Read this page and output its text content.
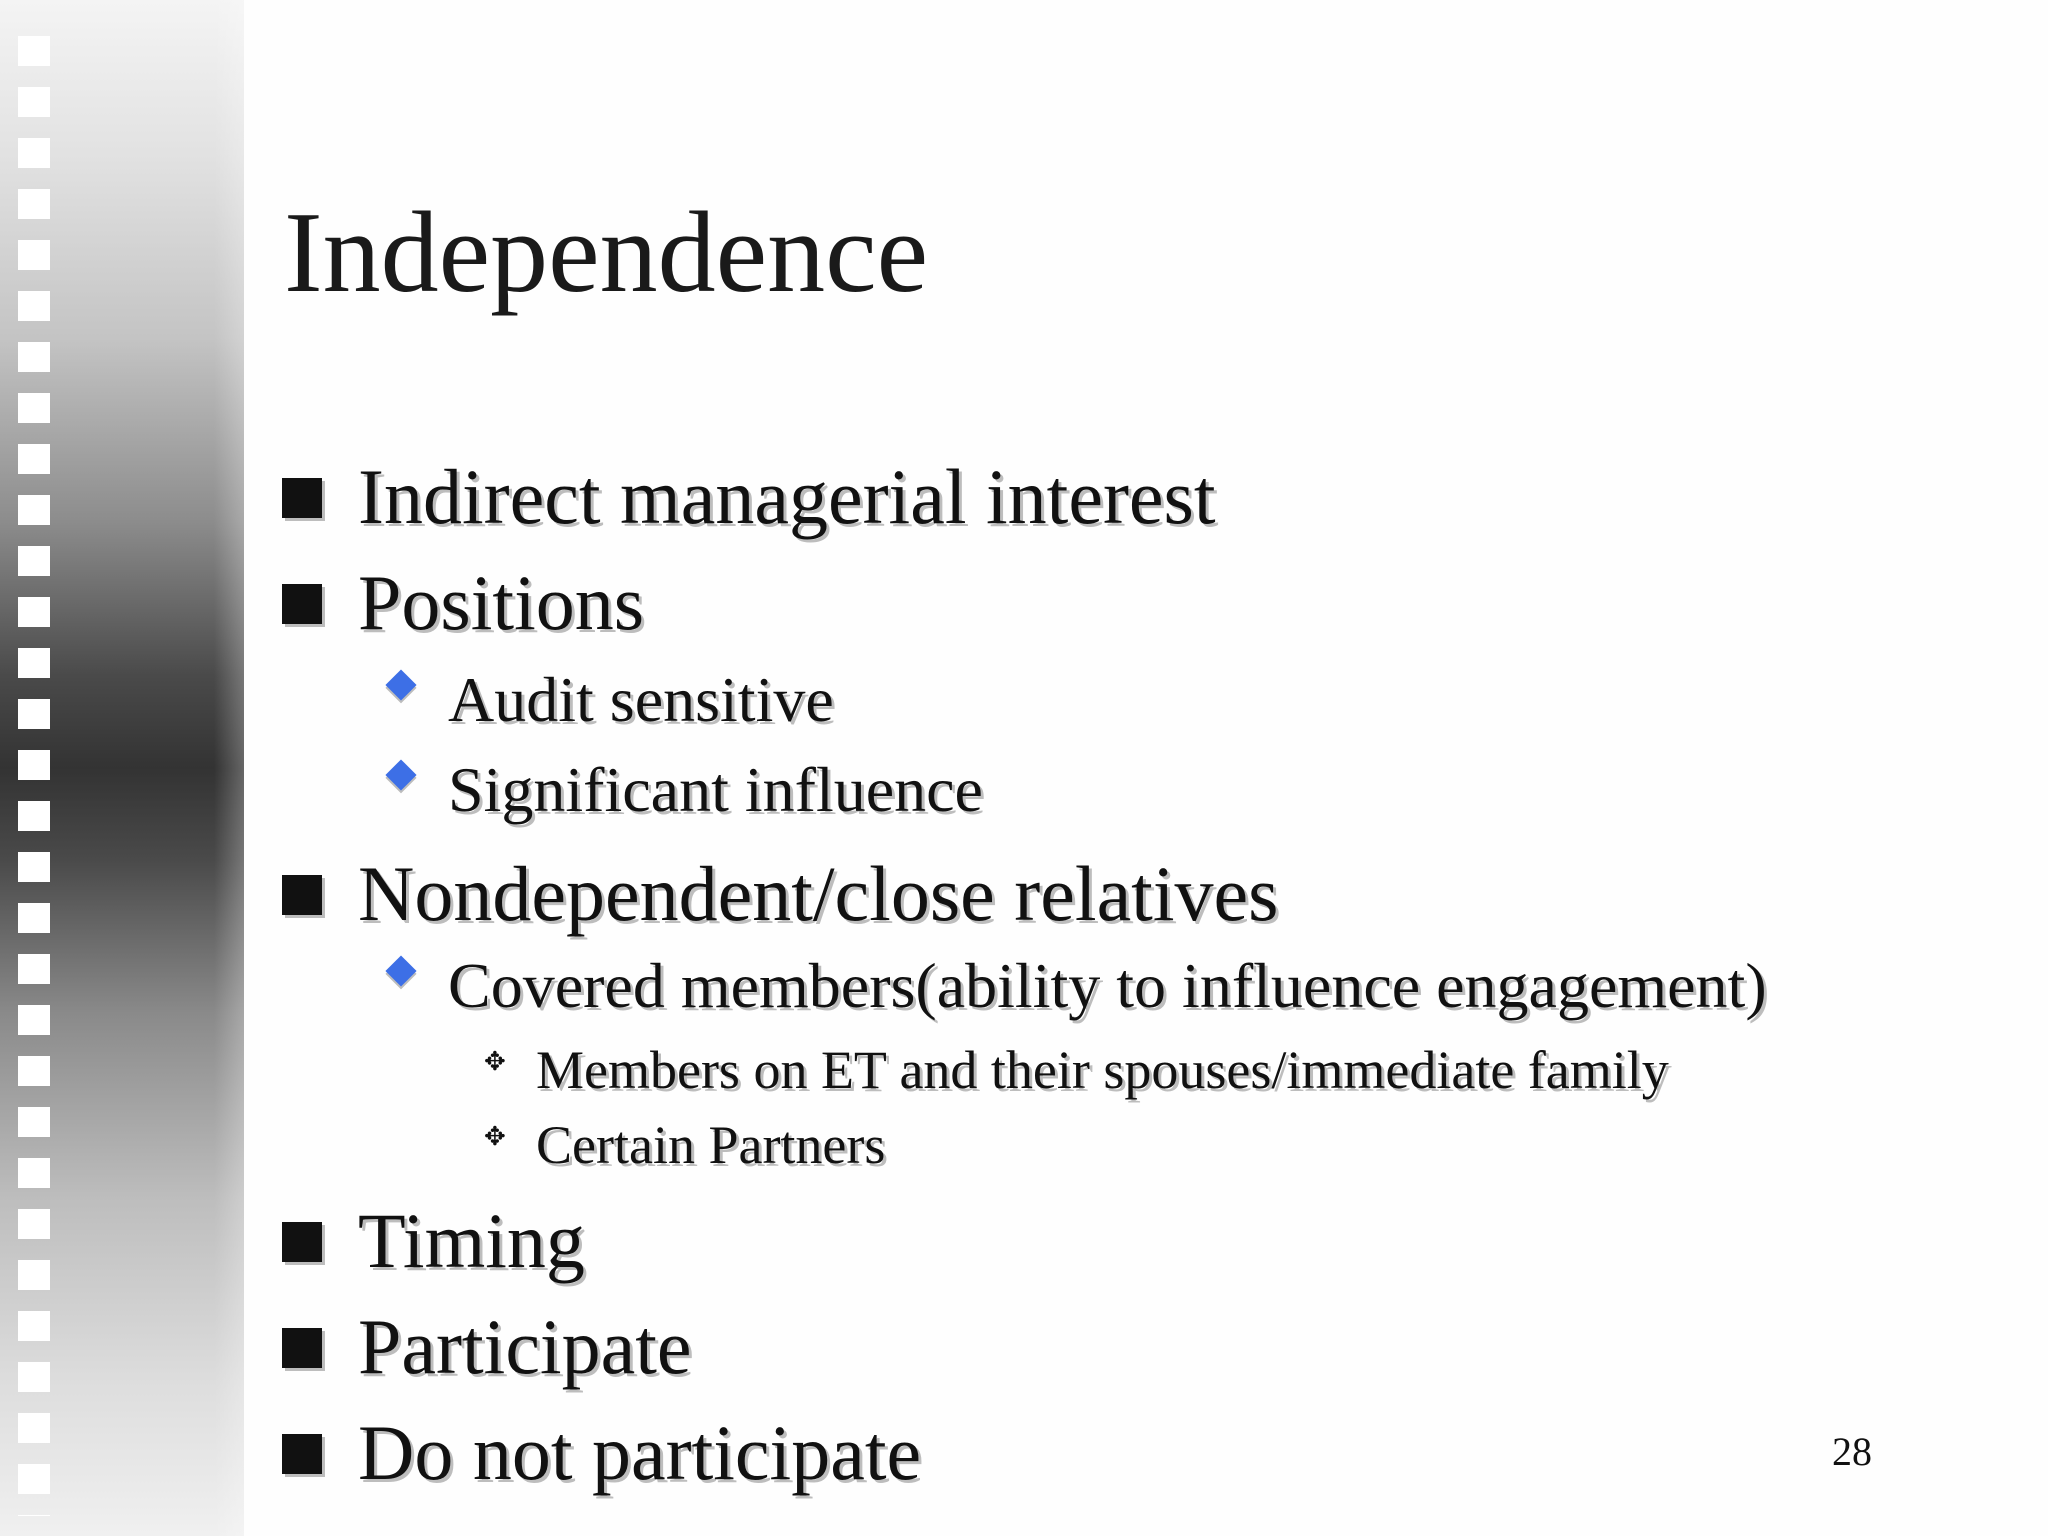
Independence
Indirect managerial interest
Positions
Audit sensitive
Significant influence
Nondependent/close relatives
Covered members(ability to influence engagement)
✥ Members on ET and their spouses/immediate family
✥ Certain Partners
Timing
Participate
Do not participate	28
